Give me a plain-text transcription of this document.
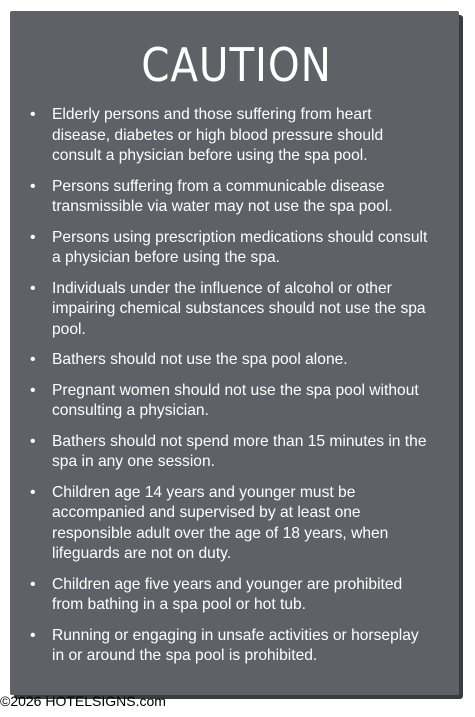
CAUTION
• Elderly persons and those suffering from heart disease, diabetes or high blood pressure should consult a physician before using the spa pool.
• Persons suffering from a communicable disease transmissible via water may not use the spa pool.
• Persons using prescription medications should consult a physician before using the spa.
• Individuals under the influence of alcohol or other impairing chemical substances should not use the spa pool.
• Bathers should not use the spa pool alone.
• Pregnant women should not use the spa pool without consulting a physician.
• Bathers should not spend more than 15 minutes in the spa in any one session.
• Children age 14 years and younger must be accompanied and supervised by at least one responsible adult over the age of 18 years, when lifeguards are not on duty.
• Children age five years and younger are prohibited from bathing in a spa pool or hot tub.
• Running or engaging in unsafe activities or horseplay in or around the spa pool is prohibited.
©2026 HOTELSIGNS.com
